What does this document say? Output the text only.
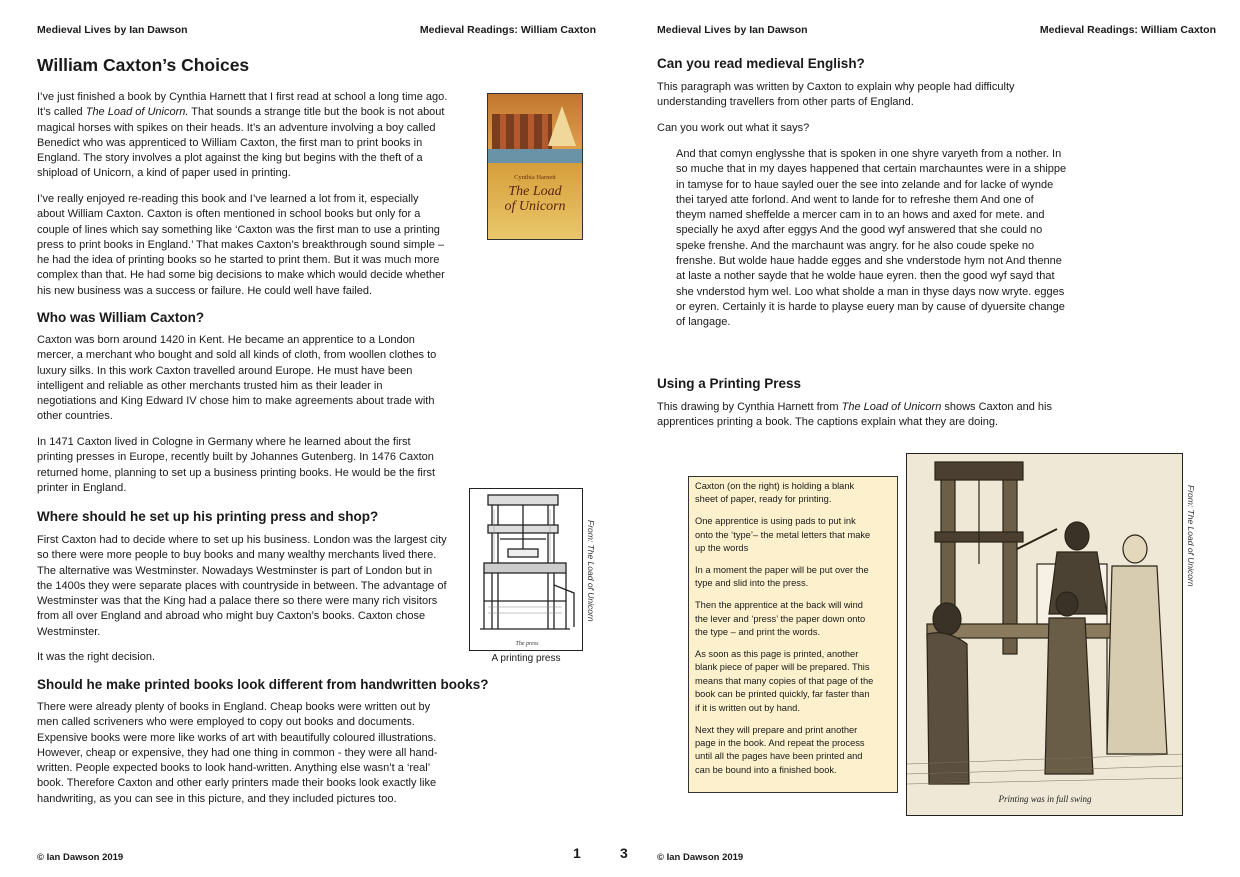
Medieval Lives by Ian Dawson	Medieval Readings: William Caxton
William Caxton’s Choices
I’ve just finished a book by Cynthia Harnett that I first read at school a long time ago.
It’s called The Load of Unicorn. That sounds a strange title but the book is not about
magical horses with spikes on their heads. It’s an adventure involving a boy called
Benedict who was apprenticed to William Caxton, the first man to print books in
England. The story involves a plot against the king but begins with the theft of a
shipload of Unicorn, a kind of paper used in printing.
I’ve really enjoyed re-reading this book and I’ve learned a lot from it, especially
about William Caxton. Caxton is often mentioned in school books but only for a
couple of lines which say something like ‘Caxton was the first man to use a printing
press to print books in England.’ That makes Caxton’s breakthrough sound simple –
he had the idea of printing books so he started to print them. But it was much more
complex than that. He had some big decisions to make which would decide whether
his new business was a success or failure. He could well have failed.
Cynthia Harnett
The Load
of Unicorn
Who was William Caxton?
Caxton was born around 1420 in Kent. He became an apprentice to a London
mercer, a merchant who bought and sold all kinds of cloth, from woollen clothes to
luxury silks. In this work Caxton travelled around Europe. He must have been
intelligent and reliable as other merchants trusted him as their leader in
negotiations and King Edward IV chose him to make agreements about trade with
other countries.
In 1471 Caxton lived in Cologne in Germany where he learned about the first
printing presses in Europe, recently built by Johannes Gutenberg. In 1476 Caxton
returned home, planning to set up a business printing books. He would be the first
printer in England.
Where should he set up his printing press and shop?
First Caxton had to decide where to set up his business. London was the largest city
so there were more people to buy books and many wealthy merchants lived there.
The alternative was Westminster. Nowadays Westminster is part of London but in
the 1400s they were separate places with countryside in between. The advantage of
Westminster was that the King had a palace there so there were many rich visitors
from all over England and abroad who might buy Caxton’s books. Caxton chose
Westminster.
It was the right decision.
The press
From: The Load of Unicorn
A printing press
Should he make printed books look different from handwritten books?
There were already plenty of books in England. Cheap books were written out by
men called scriveners who were employed to copy out books and documents.
Expensive books were more like works of art with beautifully coloured illustrations.
However, cheap or expensive, they had one thing in common - they were all hand-
written. People expected books to look hand-written. Anything else wasn’t a ‘real’
book. Therefore Caxton and other early printers made their books look exactly like
handwriting, as you can see in this picture, and they included pictures too.
© Ian Dawson 2019	1
Medieval Lives by Ian Dawson	Medieval Readings: William Caxton
Can you read medieval English?
This paragraph was written by Caxton to explain why people had difficulty
understanding travellers from other parts of England.
Can you work out what it says?
And that comyn englysshe that is spoken in one shyre varyeth from a nother. In
so muche that in my dayes happened that certain marchauntes were in a shippe
in tamyse for to haue sayled ouer the see into zelande and for lacke of wynde
thei taryed atte forlond. And went to lande for to refreshe them And one of
theym named sheffelde a mercer cam in to an hows and axed for mete. and
specially he axyd after eggys And the good wyf answered that she could no
speke frenshe. And the marchaunt was angry. for he also coude speke no
frenshe. But wolde haue hadde egges and she vnderstode hym not And thenne
at laste a nother sayde that he wolde haue eyren. then the good wyf sayd that
she vnderstod hym wel. Loo what sholde a man in thyse days now wryte. egges
or eyren. Certainly it is harde to playse euery man by cause of dyuersite change
of langage.
Using a Printing Press
This drawing by Cynthia Harnett from The Load of Unicorn shows Caxton and his
apprentices printing a book. The captions explain what they are doing.
© Ian Dawson 2019
3

Caxton (on the right) is holding a blank
sheet of paper, ready for printing.

One apprentice is using pads to put ink
onto the ‘type’– the metal letters that make
up the words

In a moment the paper will be put over the
type and slid into the press.

Then the apprentice at the back will wind
the lever and ‘press’ the paper down onto
the type – and print the words.

As soon as this page is printed, another
blank piece of paper will be prepared. This
means that many copies of that page of the
book can be printed quickly, far faster than
if it is written out by hand.

Next they will prepare and print another
page in the book. And repeat the process
until all the pages have been printed and
can be bound into a finished book.

Printing was in full swing
From: The Load of Unicorn
